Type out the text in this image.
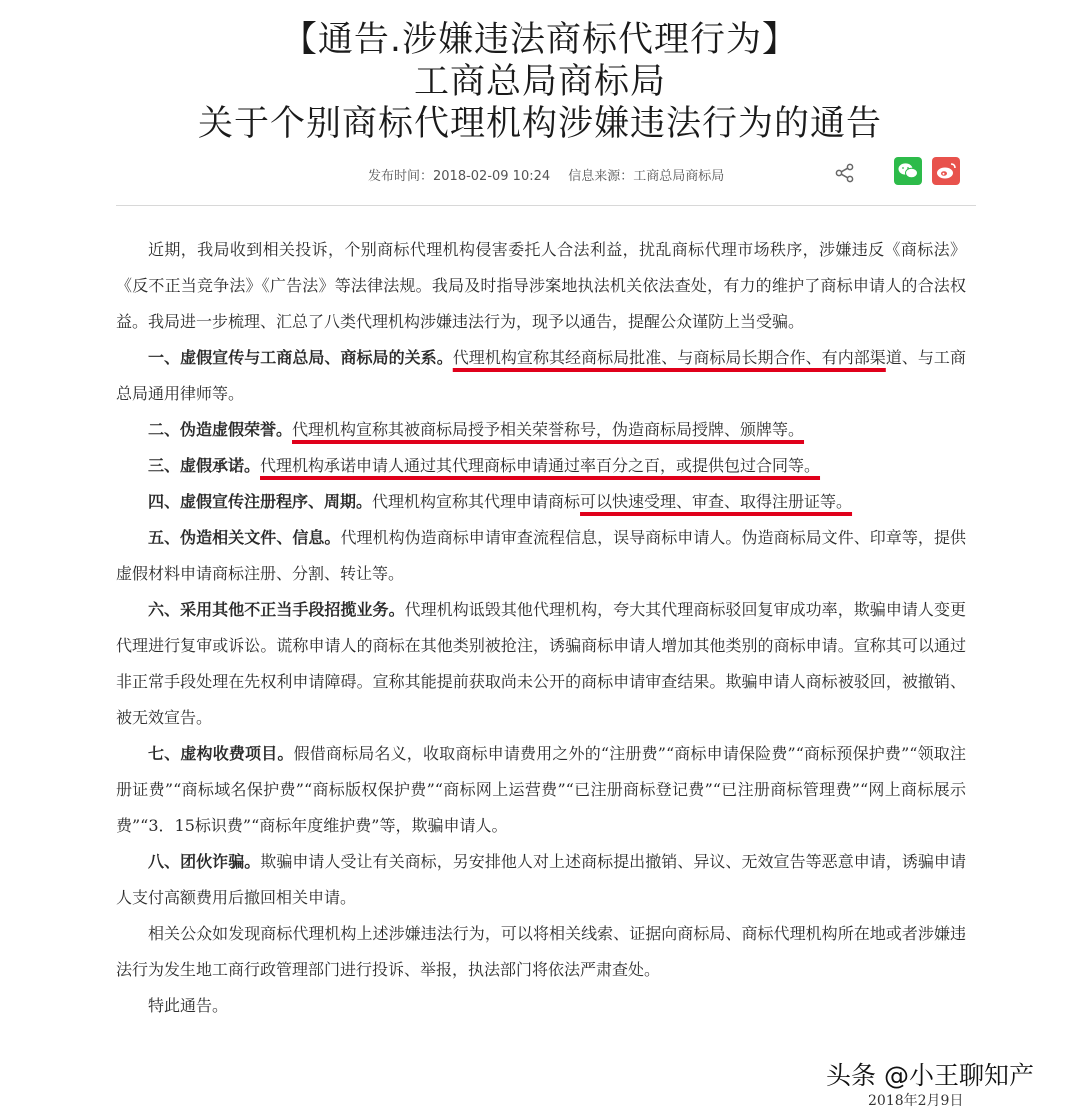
【通告.涉嫌违法商标代理行为】
工商总局商标局
关于个别商标代理机构涉嫌违法行为的通告
发布时间：2018-02-09 10:24 信息来源：工商总局商标局

近期，我局收到相关投诉，个别商标代理机构侵害委托人合法利益，扰乱商标代理市场秩序，涉嫌违反《商标法》《反不正当竞争法》《广告法》等法律法规。我局及时指导涉案地执法机关依法查处，有力的维护了商标申请人的合法权益。我局进一步梳理、汇总了八类代理机构涉嫌违法行为，现予以通告，提醒公众谨防上当受骗。

一、虚假宣传与工商总局、商标局的关系。代理机构宣称其经商标局批准、与商标局长期合作、有内部渠道、与工商总局通用律师等。

二、伪造虚假荣誉。代理机构宣称其被商标局授予相关荣誉称号，伪造商标局授牌、颁牌等。

三、虚假承诺。代理机构承诺申请人通过其代理商标申请通过率百分之百，或提供包过合同等。

四、虚假宣传注册程序、周期。代理机构宣称其代理申请商标可以快速受理、审查、取得注册证等。

五、伪造相关文件、信息。代理机构伪造商标申请审查流程信息，误导商标申请人。伪造商标局文件、印章等，提供虚假材料申请商标注册、分割、转让等。

六、采用其他不正当手段招揽业务。代理机构诋毁其他代理机构，夸大其代理商标驳回复审成功率，欺骗申请人变更代理进行复审或诉讼。谎称申请人的商标在其他类别被抢注，诱骗商标申请人增加其他类别的商标申请。宣称其可以通过非正常手段处理在先权利申请障碍。宣称其能提前获取尚未公开的商标申请审查结果。欺骗申请人商标被驳回，被撤销、被无效宣告。

七、虚构收费项目。假借商标局名义，收取商标申请费用之外的“注册费”“商标申请保险费”“商标预保护费”“领取注册证费”“商标域名保护费”“商标版权保护费”“商标网上运营费”“已注册商标登记费”“已注册商标管理费”“网上商标展示费”“3．15标识费”“商标年度维护费”等，欺骗申请人。

八、团伙诈骗。欺骗申请人受让有关商标，另安排他人对上述商标提出撤销、异议、无效宣告等恶意申请，诱骗申请人支付高额费用后撤回相关申请。

相关公众如发现商标代理机构上述涉嫌违法行为，可以将相关线索、证据向商标局、商标代理机构所在地或者涉嫌违法行为发生地工商行政管理部门进行投诉、举报，执法部门将依法严肃查处。

特此通告。

头条 @小王聊知产
2018年2月9日
